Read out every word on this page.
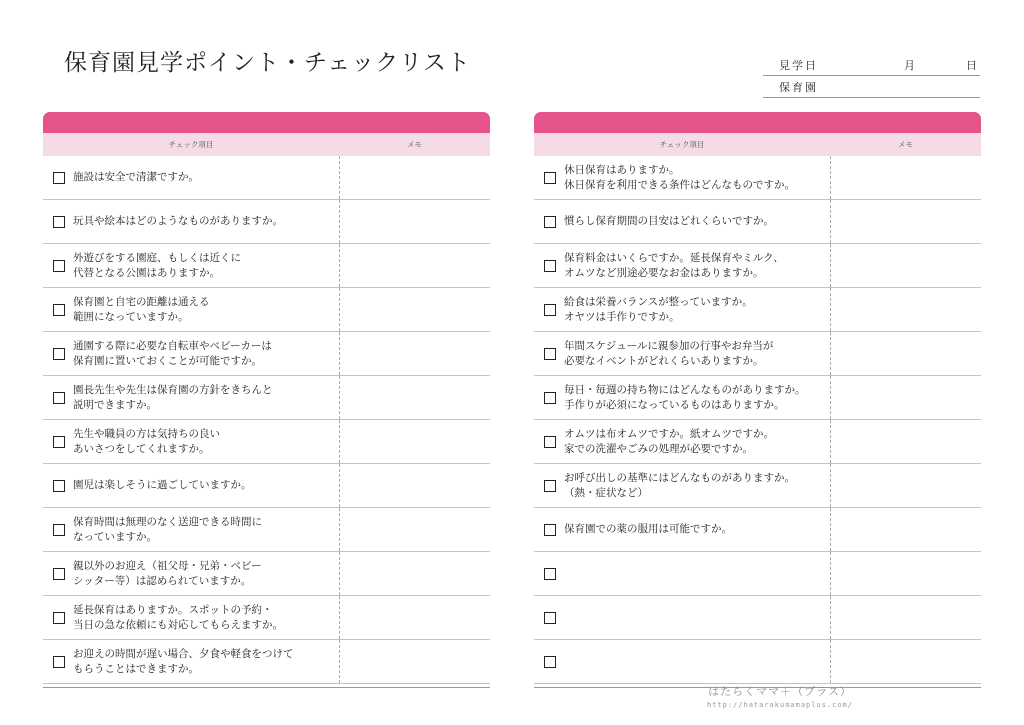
保育園見学ポイント・チェックリスト	見学日	月	日
保育園
チェック項目	メモ
施設は安全で清潔ですか。
玩具や絵本はどのようなものがありますか。
外遊びをする園庭、もしくは近くに
代替となる公園はありますか。
保育園と自宅の距離は通える
範囲になっていますか。
通園する際に必要な自転車やベビーカーは
保育園に置いておくことが可能ですか。
園長先生や先生は保育園の方針をきちんと
説明できますか。
先生や職員の方は気持ちの良い
あいさつをしてくれますか。
園児は楽しそうに過ごしていますか。
保育時間は無理のなく送迎できる時間に
なっていますか。
親以外のお迎え（祖父母・兄弟・ベビー
シッター等）は認められていますか。
延長保育はありますか。スポットの予約・
当日の急な依頼にも対応してもらえますか。
お迎えの時間が遅い場合、夕食や軽食をつけて
もらうことはできますか。
チェック項目	メモ
休日保育はありますか。
休日保育を利用できる条件はどんなものですか。
慣らし保育期間の目安はどれくらいですか。
保育料金はいくらですか。延長保育やミルク、
オムツなど別途必要なお金はありますか。
給食は栄養バランスが整っていますか。
オヤツは手作りですか。
年間スケジュールに親参加の行事やお弁当が
必要なイベントがどれくらいありますか。
毎日・毎週の持ち物にはどんなものがありますか。
手作りが必須になっているものはありますか。
オムツは布オムツですか。紙オムツですか。
家での洗濯やごみの処理が必要ですか。
お呼び出しの基準にはどんなものがありますか。
（熱・症状など）
保育園での薬の服用は可能ですか。
はたらくママ＋（プラス）
http://hatarakumamaplus.com/
